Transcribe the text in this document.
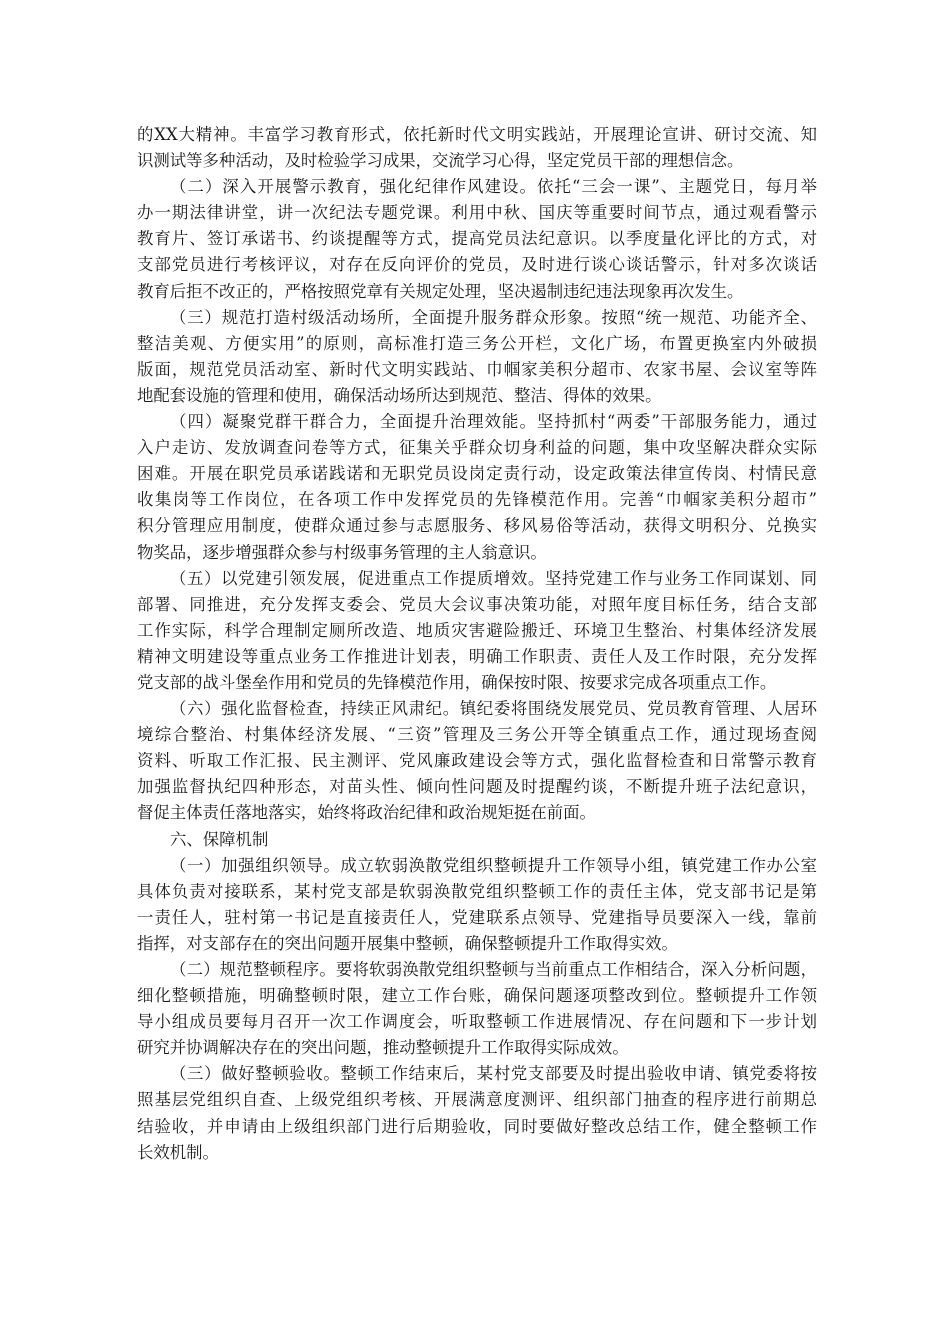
的XX大精神。丰富学习教育形式，依托新时代文明实践站，开展理论宣讲、研讨交流、知
识测试等多种活动，及时检验学习成果，交流学习心得，坚定党员干部的理想信念。
（二）深入开展警示教育，强化纪律作风建设。依托“三会一课”、主题党日，每月举
办一期法律讲堂，讲一次纪法专题党课。利用中秋、国庆等重要时间节点，通过观看警示
教育片、签订承诺书、约谈提醒等方式，提高党员法纪意识。以季度量化评比的方式，对
支部党员进行考核评议，对存在反向评价的党员，及时进行谈心谈话警示，针对多次谈话
教育后拒不改正的，严格按照党章有关规定处理，坚决遏制违纪违法现象再次发生。
（三）规范打造村级活动场所，全面提升服务群众形象。按照“统一规范、功能齐全、
整洁美观、方便实用”的原则，高标准打造三务公开栏，文化广场，布置更换室内外破损
版面，规范党员活动室、新时代文明实践站、巾帼家美积分超市、农家书屋、会议室等阵
地配套设施的管理和使用，确保活动场所达到规范、整洁、得体的效果。
（四）凝聚党群干群合力，全面提升治理效能。坚持抓村“两委”干部服务能力，通过
入户走访、发放调查问卷等方式，征集关乎群众切身利益的问题，集中攻坚解决群众实际
困难。开展在职党员承诺践诺和无职党员设岗定责行动，设定政策法律宣传岗、村情民意
收集岗等工作岗位，在各项工作中发挥党员的先锋模范作用。完善“巾帼家美积分超市”
积分管理应用制度，使群众通过参与志愿服务、移风易俗等活动，获得文明积分、兑换实
物奖品，逐步增强群众参与村级事务管理的主人翁意识。
（五）以党建引领发展，促进重点工作提质增效。坚持党建工作与业务工作同谋划、同
部署、同推进，充分发挥支委会、党员大会议事决策功能，对照年度目标任务，结合支部
工作实际，科学合理制定厕所改造、地质灾害避险搬迁、环境卫生整治、村集体经济发展
精神文明建设等重点业务工作推进计划表，明确工作职责、责任人及工作时限，充分发挥
党支部的战斗堡垒作用和党员的先锋模范作用，确保按时限、按要求完成各项重点工作。
（六）强化监督检查，持续正风肃纪。镇纪委将围绕发展党员、党员教育管理、人居环
境综合整治、村集体经济发展、“三资”管理及三务公开等全镇重点工作，通过现场查阅
资料、听取工作汇报、民主测评、党风廉政建设会等方式，强化监督检查和日常警示教育
加强监督执纪四种形态，对苗头性、倾向性问题及时提醒约谈，不断提升班子法纪意识，
督促主体责任落地落实，始终将政治纪律和政治规矩挺在前面。
六、保障机制
（一）加强组织领导。成立软弱涣散党组织整顿提升工作领导小组，镇党建工作办公室
具体负责对接联系，某村党支部是软弱涣散党组织整顿工作的责任主体，党支部书记是第
一责任人，驻村第一书记是直接责任人，党建联系点领导、党建指导员要深入一线，靠前
指挥，对支部存在的突出问题开展集中整顿，确保整顿提升工作取得实效。
（二）规范整顿程序。要将软弱涣散党组织整顿与当前重点工作相结合，深入分析问题，
细化整顿措施，明确整顿时限，建立工作台账，确保问题逐项整改到位。整顿提升工作领
导小组成员要每月召开一次工作调度会，听取整顿工作进展情况、存在问题和下一步计划
研究并协调解决存在的突出问题，推动整顿提升工作取得实际成效。
（三）做好整顿验收。整顿工作结束后，某村党支部要及时提出验收申请、镇党委将按
照基层党组织自查、上级党组织考核、开展满意度测评、组织部门抽查的程序进行前期总
结验收，并申请由上级组织部门进行后期验收，同时要做好整改总结工作，健全整顿工作
长效机制。
